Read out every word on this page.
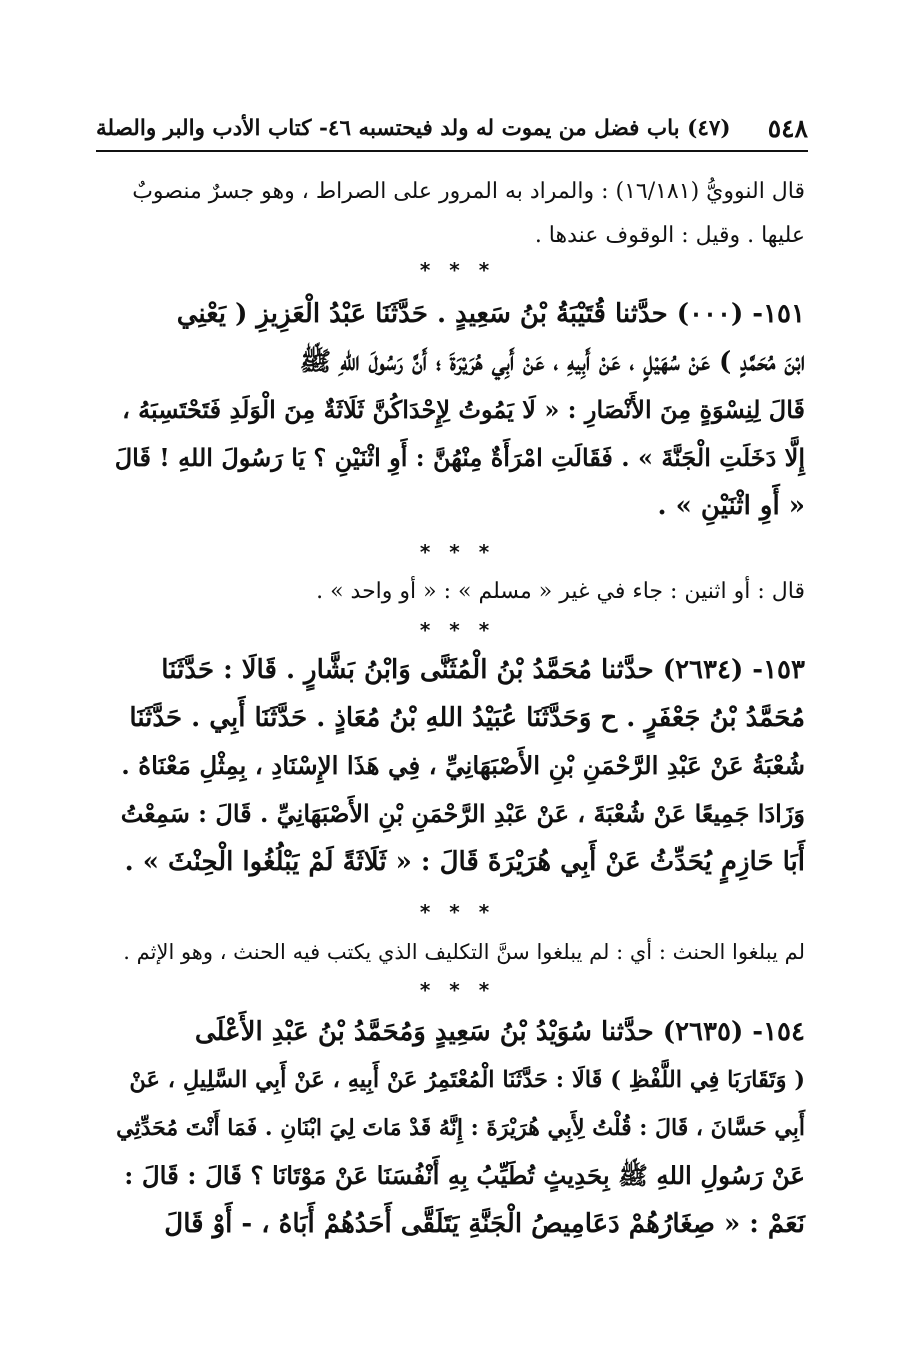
٥٤٨
(٤٧) باب فضل من يموت له ولد فيحتسبه ٤٦- كتاب الأدب والبر والصلة
قال النوويُّ (١٦/١٨١) : والمراد به المرور على الصراط ، وهو جسرٌ منصوبٌ
عليها . وقيل : الوقوف عندها .
* * *
١٥١- (٠٠٠) حدَّثنا قُتَيْبَةُ بْنُ سَعِيدٍ . حَدَّثَنَا عَبْدُ الْعَزِيزِ ( يَعْنِي
ابْنَ مُحَمَّدٍ ) عَنْ سُهَيْلٍ ، عَنْ أَبِيهِ ، عَنْ أَبِي هُرَيْرَةَ ؛ أَنَّ رَسُولَ اللهِ ﷺ
قَالَ لِنِسْوَةٍ مِنَ الأَنْصَارِ : « لَا يَمُوتُ لِإِحْدَاكُنَّ ثَلَاثَةٌ مِنَ الْوَلَدِ فَتَحْتَسِبَهُ ،
إِلَّا دَخَلَتِ الْجَنَّةَ » . فَقَالَتِ امْرَأَةٌ مِنْهُنَّ : أَوِ اثْنَيْنِ ؟ يَا رَسُولَ اللهِ ! قَالَ
« أَوِ اثْنَيْنِ » .
* * *
قال : أو اثنين : جاء في غير « مسلم » : « أو واحد » .
* * *
١٥٣- (٢٦٣٤) حدَّثنا مُحَمَّدُ بْنُ الْمُثَنَّى وَابْنُ بَشَّارٍ . قَالَا : حَدَّثَنَا
مُحَمَّدُ بْنُ جَعْفَرٍ . ح وَحَدَّثَنَا عُبَيْدُ اللهِ بْنُ مُعَاذٍ . حَدَّثَنَا أَبِي . حَدَّثَنَا
شُعْبَةُ عَنْ عَبْدِ الرَّحْمَنِ بْنِ الأَصْبَهَانِيِّ ، فِي هَذَا الإِسْنَادِ ، بِمِثْلِ مَعْنَاهُ .
وَزَادَا جَمِيعًا عَنْ شُعْبَةَ ، عَنْ عَبْدِ الرَّحْمَنِ بْنِ الأَصْبَهَانِيِّ . قَالَ : سَمِعْتُ
أَبَا حَازِمٍ يُحَدِّثُ عَنْ أَبِي هُرَيْرَةَ قَالَ : « ثَلَاثَةً لَمْ يَبْلُغُوا الْحِنْثَ » .
* * *
لم يبلغوا الحنث : أي : لم يبلغوا سنَّ التكليف الذي يكتب فيه الحنث ، وهو الإثم .
* * *
١٥٤- (٢٦٣٥) حدَّثنا سُوَيْدُ بْنُ سَعِيدٍ وَمُحَمَّدُ بْنُ عَبْدِ الأَعْلَى
( وَتَقَارَبَا فِي اللَّفْظِ ) قَالَا : حَدَّثَنَا الْمُعْتَمِرُ عَنْ أَبِيهِ ، عَنْ أَبِي السَّلِيلِ ، عَنْ
أَبِي حَسَّانَ ، قَالَ : قُلْتُ لِأَبِي هُرَيْرَةَ : إِنَّهُ قَدْ مَاتَ لِيَ ابْنَانِ . فَمَا أَنْتَ مُحَدِّثِي
عَنْ رَسُولِ اللهِ ﷺ بِحَدِيثٍ تُطَيِّبُ بِهِ أَنْفُسَنَا عَنْ مَوْتَانَا ؟ قَالَ : قَالَ :
نَعَمْ : « صِغَارُهُمْ دَعَامِيصُ الْجَنَّةِ يَتَلَقَّى أَحَدُهُمْ أَبَاهُ ، - أَوْ قَالَ
